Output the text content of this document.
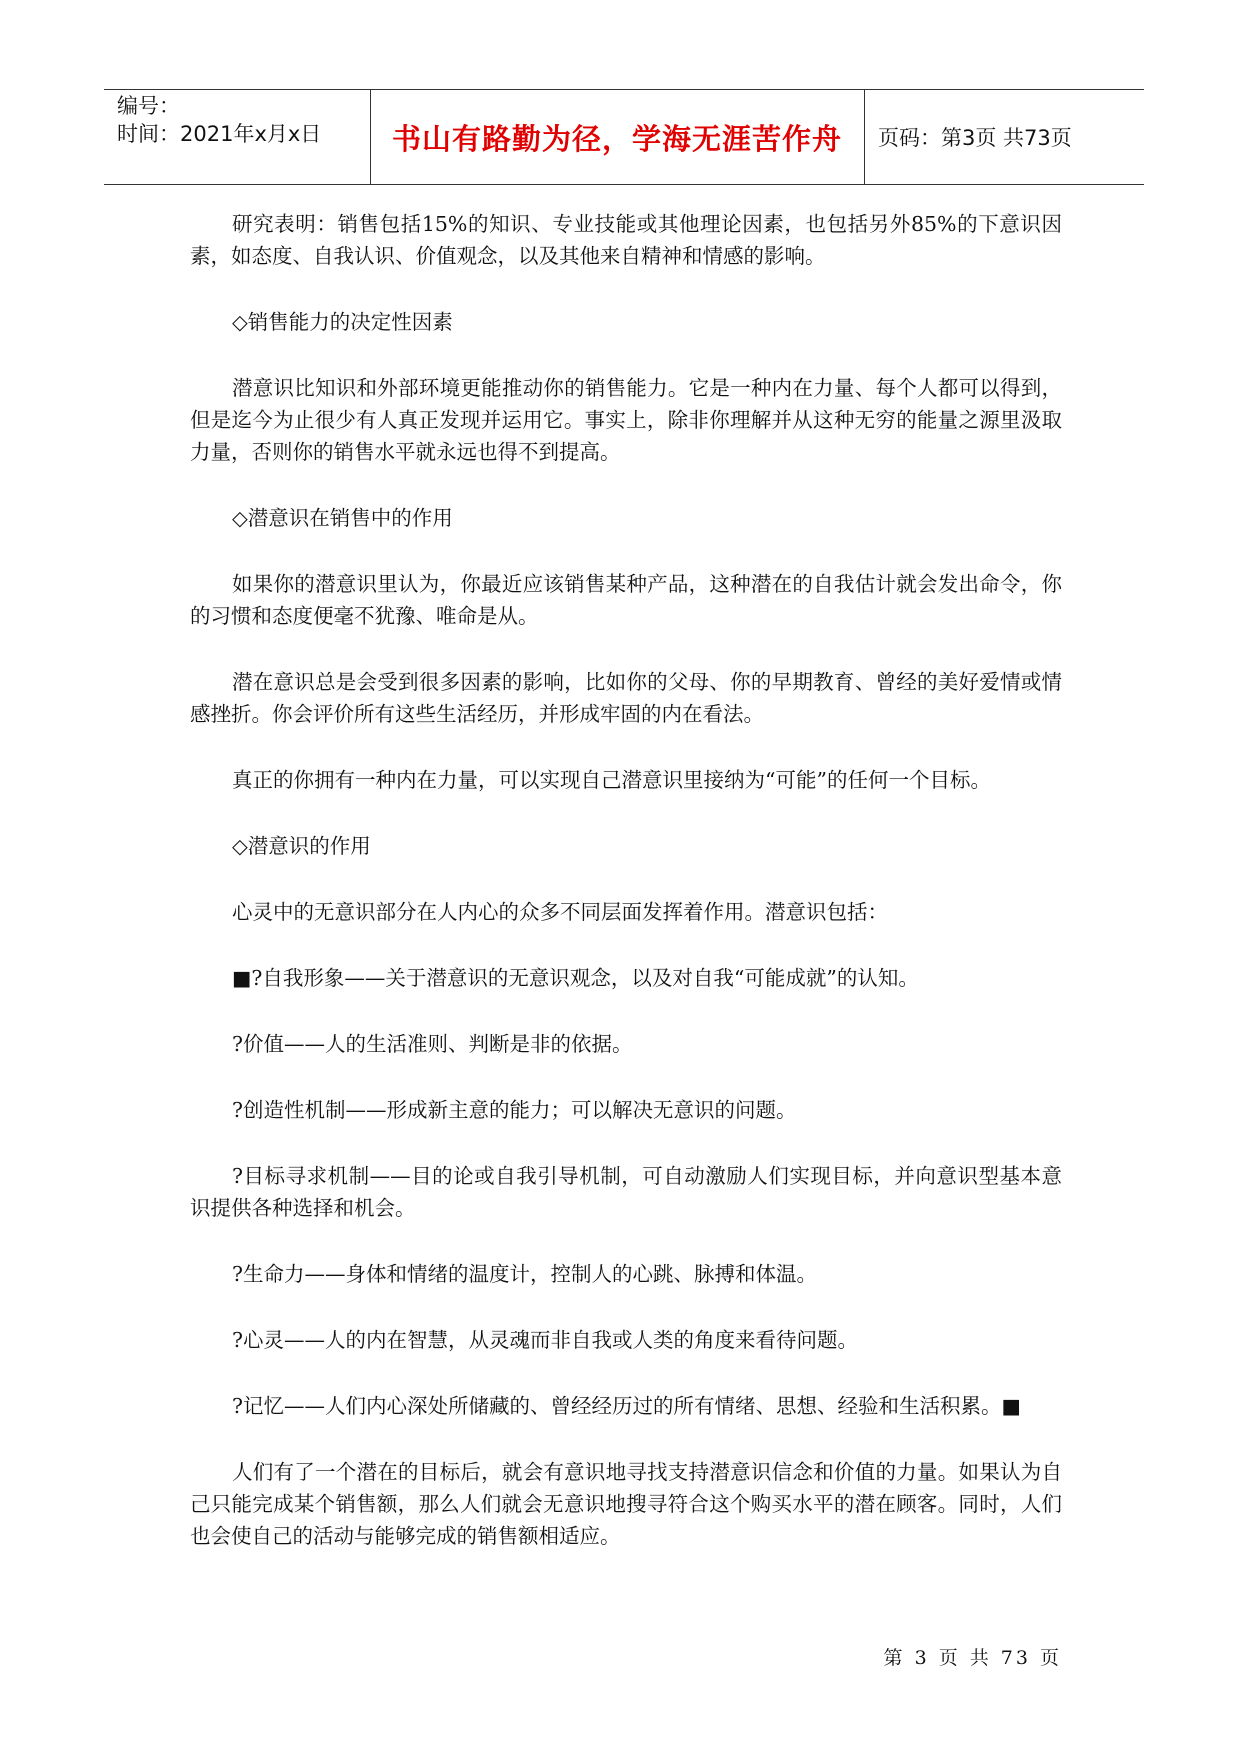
编号：
时间：2021年x月x日 书山有路勤为径，学海无涯苦作舟 页码：第3页 共73页

研究表明：销售包括15%的知识、专业技能或其他理论因素，也包括另外85%的下意识因素，如态度、自我认识、价值观念，以及其他来自精神和情感的影响。

◇销售能力的决定性因素

潜意识比知识和外部环境更能推动你的销售能力。它是一种内在力量、每个人都可以得到，但是迄今为止很少有人真正发现并运用它。事实上，除非你理解并从这种无穷的能量之源里汲取力量，否则你的销售水平就永远也得不到提高。

◇潜意识在销售中的作用

如果你的潜意识里认为，你最近应该销售某种产品，这种潜在的自我估计就会发出命令，你的习惯和态度便毫不犹豫、唯命是从。

潜在意识总是会受到很多因素的影响，比如你的父母、你的早期教育、曾经的美好爱情或情感挫折。你会评价所有这些生活经历，并形成牢固的内在看法。

真正的你拥有一种内在力量，可以实现自己潜意识里接纳为“可能”的任何一个目标。

◇潜意识的作用

心灵中的无意识部分在人内心的众多不同层面发挥着作用。潜意识包括：

■?自我形象——关于潜意识的无意识观念，以及对自我“可能成就”的认知。

?价值——人的生活准则、判断是非的依据。

?创造性机制——形成新主意的能力；可以解决无意识的问题。

?目标寻求机制——目的论或自我引导机制，可自动激励人们实现目标，并向意识型基本意识提供各种选择和机会。

?生命力——身体和情绪的温度计，控制人的心跳、脉搏和体温。

?心灵——人的内在智慧，从灵魂而非自我或人类的角度来看待问题。

?记忆——人们内心深处所储藏的、曾经经历过的所有情绪、思想、经验和生活积累。■

人们有了一个潜在的目标后，就会有意识地寻找支持潜意识信念和价值的力量。如果认为自己只能完成某个销售额，那么人们就会无意识地搜寻符合这个购买水平的潜在顾客。同时，人们也会使自己的活动与能够完成的销售额相适应。

第 3 页 共 73 页
